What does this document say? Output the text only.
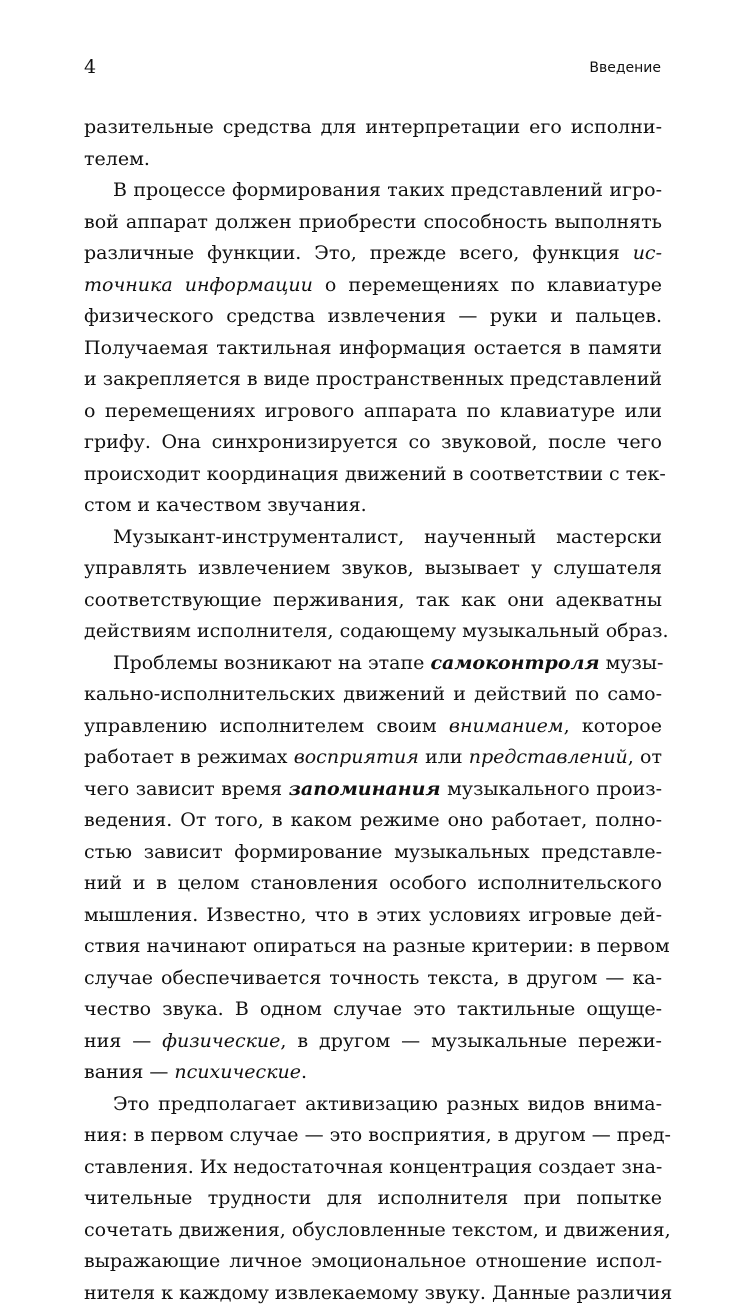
4	Введение
разительные средства для интерпретации его исполни-
телем.
В процессе формирования таких представлений игро-
вой аппарат должен приобрести способность выполнять
различные функции. Это, прежде всего, функция ис-
точника информации о перемещениях по клавиатуре
физического средства извлечения — руки и пальцев.
Получаемая тактильная информация остается в памяти
и закрепляется в виде пространственных представлений
о перемещениях игрового аппарата по клавиатуре или
грифу. Она синхронизируется со звуковой, после чего
происходит координация движений в соответствии с тек-
стом и качеством звучания.
Музыкант-инструменталист, наученный мастерски
управлять извлечением звуков, вызывает у слушателя
соответствующие перживания, так как они адекватны
действиям исполнителя, содающему музыкальный образ.
Проблемы возникают на этапе самоконтроля музы-
кально-исполнительских движений и действий по само-
управлению исполнителем своим вниманием, которое
работает в режимах восприятия или представлений, от
чего зависит время запоминания музыкального произ-
ведения. От того, в каком режиме оно работает, полно-
стью зависит формирование музыкальных представле-
ний и в целом становления особого исполнительского
мышления. Известно, что в этих условиях игровые дей-
ствия начинают опираться на разные критерии: в первом
случае обеспечивается точность текста, в другом — ка-
чество звука. В одном случае это тактильные ощуще-
ния — физические, в другом — музыкальные пережи-
вания — психические.
Это предполагает активизацию разных видов внима-
ния: в первом случае — это восприятия, в другом — пред-
ставления. Их недостаточная концентрация создает зна-
чительные трудности для исполнителя при попытке
сочетать движения, обусловленные текстом, и движения,
выражающие личное эмоциональное отношение испол-
нителя к каждому извлекаемому звуку. Данные различия
